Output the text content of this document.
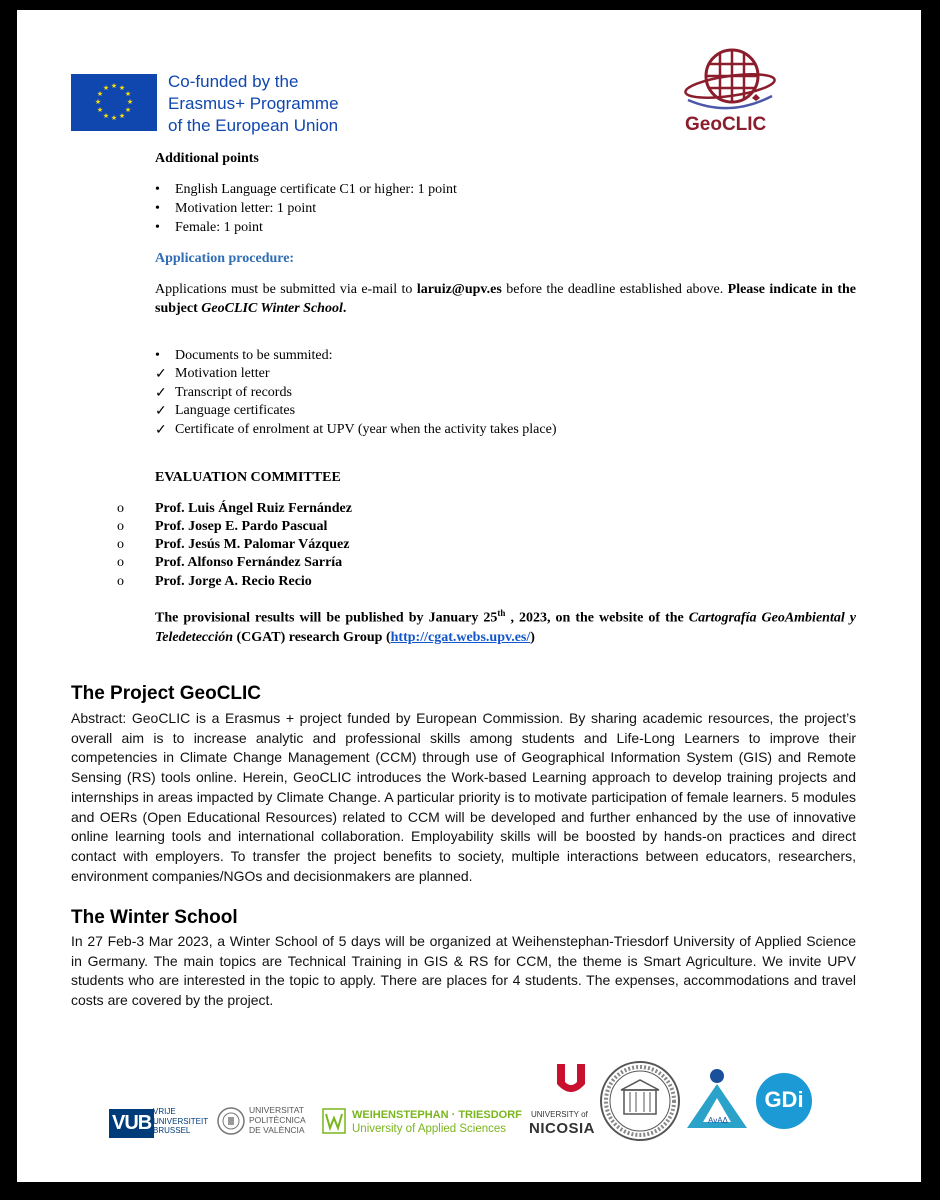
★ ★
★
★
★
★
★
★
★
★
★
★	Co-funded by the
Erasmus+ Programme
of the European Union	GeoCLIC
Additional points
• English Language certificate C1 or higher: 1 point
• Motivation letter: 1 point
• Female: 1 point
Application procedure:
Applications must be submitted via e-mail to laruiz@upv.es before the deadline established above. Please indicate in the subject GeoCLIC Winter School.
• Documents to be summited:
✓ Motivation letter
✓ Transcript of records
✓ Language certificates
✓ Certificate of enrolment at UPV (year when the activity takes place)
EVALUATION COMMITTEE
o Prof. Luis Ángel Ruiz Fernández
o Prof. Josep E. Pardo Pascual
o Prof. Jesús M. Palomar Vázquez
o Prof. Alfonso Fernández Sarría
o Prof. Jorge A. Recio Recio
The provisional results will be published by January 25th , 2023, on the website of the Cartografía GeoAmbiental y Teledetección (CGAT) research Group (http://cgat.webs.upv.es/)
The Project GeoCLIC
Abstract: GeoCLIC is a Erasmus + project funded by European Commission. By sharing academic resources, the project’s overall aim is to increase analytic and professional skills among students and Life-Long Learners to improve their competencies in Climate Change Management (CCM) through use of Geographical Information System (GIS) and Remote Sensing (RS) tools online. Herein, GeoCLIC introduces the Work-based Learning approach to develop training projects and internships in areas impacted by Climate Change. A particular priority is to motivate participation of female learners. 5 modules and OERs (Open Educational Resources) related to CCM will be developed and further enhanced by the use of innovative online learning tools and international collaboration. Employability skills will be boosted by hands-on practices and direct contact with employers. To transfer the project benefits to society, multiple interactions between educators, researchers, environment companies/NGOs and decisionmakers are planned.
The Winter School
In 27 Feb-3 Mar 2023, a Winter School of 5 days will be organized at Weihenstephan-Triesdorf University of Applied Science in Germany. The main topics are Technical Training in GIS & RS for CCM, the theme is Smart Agriculture. We invite UPV students who are interested in the topic to apply. There are places for 4 students. The expenses, accommodations and travel costs are covered by the project.
VUB
VRIJE
UNIVERSITEIT
BRUSSEL
UNIVERSITAT
POLITÈCNICA
DE VALÈNCIA
WEIHENSTEPHAN · TRIESDORF
University of Applied Sciences
UNIVERSITY of
NICOSIA	AvAΔ
GDi
